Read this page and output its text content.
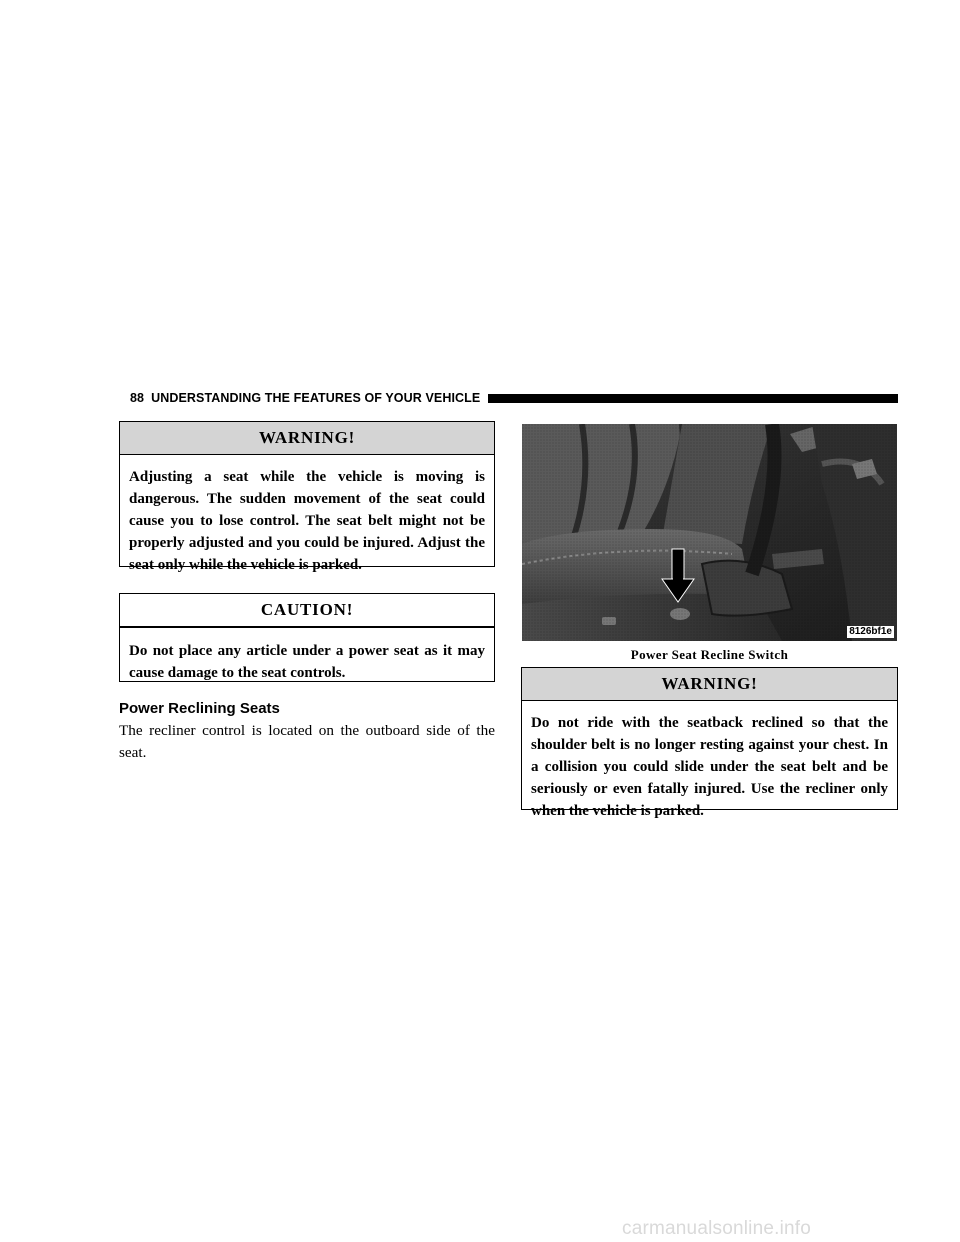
88 UNDERSTANDING THE FEATURES OF YOUR VEHICLE
WARNING!
Adjusting a seat while the vehicle is moving is dangerous. The sudden movement of the seat could cause you to lose control. The seat belt might not be properly adjusted and you could be injured. Adjust the seat only while the vehicle is parked.
CAUTION!
Do not place any article under a power seat as it may cause damage to the seat controls.
Power Reclining Seats
The recliner control is located on the outboard side of the seat.
8126bf1e
Power Seat Recline Switch
WARNING!
Do not ride with the seatback reclined so that the shoulder belt is no longer resting against your chest. In a collision you could slide under the seat belt and be seriously or even fatally injured. Use the recliner only when the vehicle is parked.
carmanualsonline.info
